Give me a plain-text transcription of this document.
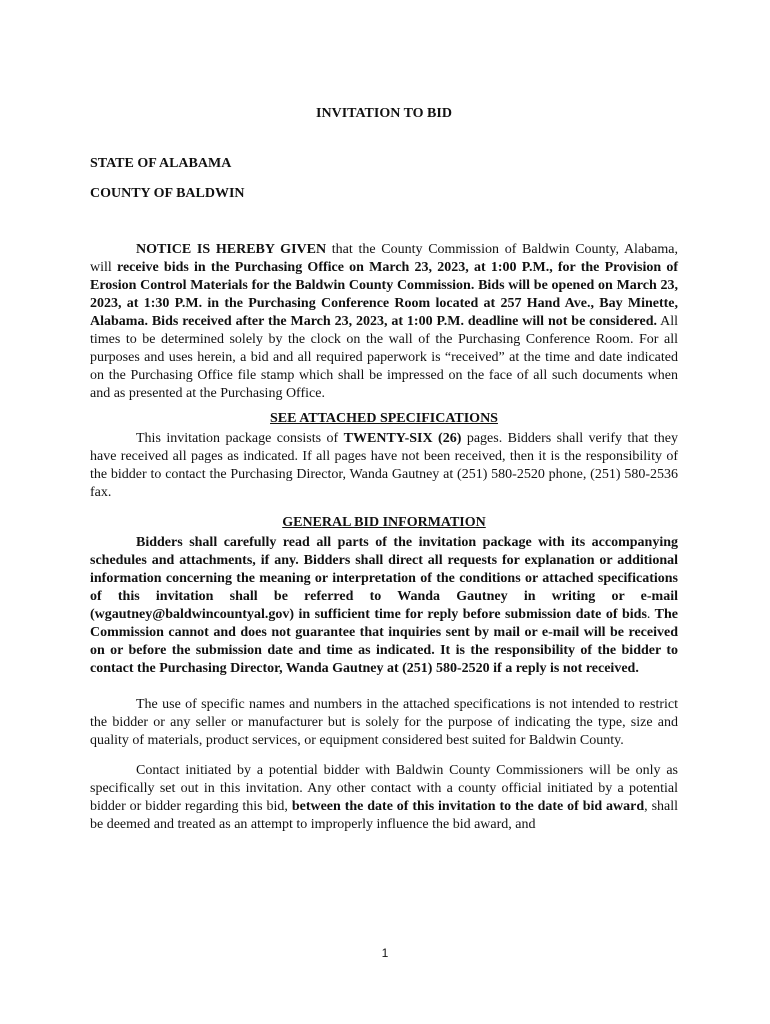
INVITATION TO BID
STATE OF ALABAMA
COUNTY OF BALDWIN

NOTICE IS HEREBY GIVEN that the County Commission of Baldwin County, Alabama, will receive bids in the Purchasing Office on March 23, 2023, at 1:00 P.M., for the Provision of Erosion Control Materials for the Baldwin County Commission. Bids will be opened on March 23, 2023, at 1:30 P.M. in the Purchasing Conference Room located at 257 Hand Ave., Bay Minette, Alabama. Bids received after the March 23, 2023, at 1:00 P.M. deadline will not be considered. All times to be determined solely by the clock on the wall of the Purchasing Conference Room. For all purposes and uses herein, a bid and all required paperwork is “received” at the time and date indicated on the Purchasing Office file stamp which shall be impressed on the face of all such documents when and as presented at the Purchasing Office.

SEE ATTACHED SPECIFICATIONS

This invitation package consists of TWENTY-SIX (26) pages. Bidders shall verify that they have received all pages as indicated. If all pages have not been received, then it is the responsibility of the bidder to contact the Purchasing Director, Wanda Gautney at (251) 580-2520 phone, (251) 580-2536 fax.

GENERAL BID INFORMATION

Bidders shall carefully read all parts of the invitation package with its accompanying schedules and attachments, if any. Bidders shall direct all requests for explanation or additional information concerning the meaning or interpretation of the conditions or attached specifications of this invitation shall be referred to Wanda Gautney in writing or e-mail (wgautney@baldwincountyal.gov) in sufficient time for reply before submission date of bids. The Commission cannot and does not guarantee that inquiries sent by mail or e-mail will be received on or before the submission date and time as indicated. It is the responsibility of the bidder to contact the Purchasing Director, Wanda Gautney at (251) 580-2520 if a reply is not received.

The use of specific names and numbers in the attached specifications is not intended to restrict the bidder or any seller or manufacturer but is solely for the purpose of indicating the type, size and quality of materials, product services, or equipment considered best suited for Baldwin County.

Contact initiated by a potential bidder with Baldwin County Commissioners will be only as specifically set out in this invitation. Any other contact with a county official initiated by a potential bidder or bidder regarding this bid, between the date of this invitation to the date of bid award, shall be deemed and treated as an attempt to improperly influence the bid award, and

1
